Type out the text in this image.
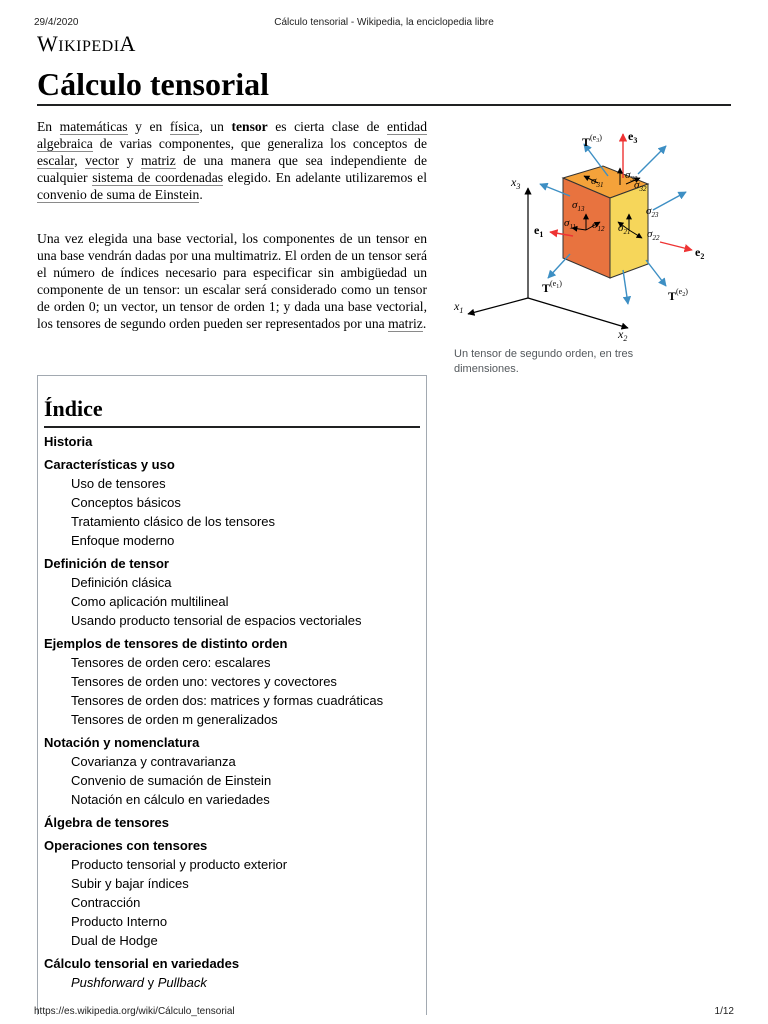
29/4/2020	Cálculo tensorial - Wikipedia, la enciclopedia libre
WIKIPEDIA
Cálculo tensorial

En matemáticas y en física, un tensor es cierta clase de entidad algebraica de varias componentes, que generaliza los conceptos de escalar, vector y matriz de una manera que sea independiente de cualquier sistema de coordenadas elegido. En adelante utilizaremos el convenio de suma de Einstein.

Una vez elegida una base vectorial, los componentes de un tensor en una base vendrán dadas por una multimatriz. El orden de un tensor será el número de índices necesario para especificar sin ambigüedad un componente de un tensor: un escalar será considerado como un tensor de orden 0; un vector, un tensor de orden 1; y dada una base vectorial, los tensores de segundo orden pueden ser representados por una matriz.

$x_3$
$x_1$
$x_2$
$e_3$
$e_1$
$e_2$
$T^{(e}3$)
$T^{(e}1$)
$T^{(e}2$)
$\sigma_{31}$
$\sigma_{33}$
$\sigma_{32}$
$\sigma_{13}$
$\sigma_{11}$ $\sigma_{12}$
$\sigma_{23}$
$\sigma_{21}$ $\sigma_{22}$

Un tensor de segundo orden, en tres dimensiones.

Índice
Historia
Características y uso
Uso de tensores
Conceptos básicos
Tratamiento clásico de los tensores
Enfoque moderno
Definición de tensor
Definición clásica
Como aplicación multilineal
Usando producto tensorial de espacios vectoriales
Ejemplos de tensores de distinto orden
Tensores de orden cero: escalares
Tensores de orden uno: vectores y covectores
Tensores de orden dos: matrices y formas cuadráticas
Tensores de orden m generalizados
Notación y nomenclatura
Covarianza y contravarianza
Convenio de sumación de Einstein
Notación en cálculo en variedades
Álgebra de tensores
Operaciones con tensores
Producto tensorial y producto exterior
Subir y bajar índices
Contracción
Producto Interno
Dual de Hodge
Cálculo tensorial en variedades
Pushforward y Pullback
https://es.wikipedia.org/wiki/Cálculo_tensorial	1/12
